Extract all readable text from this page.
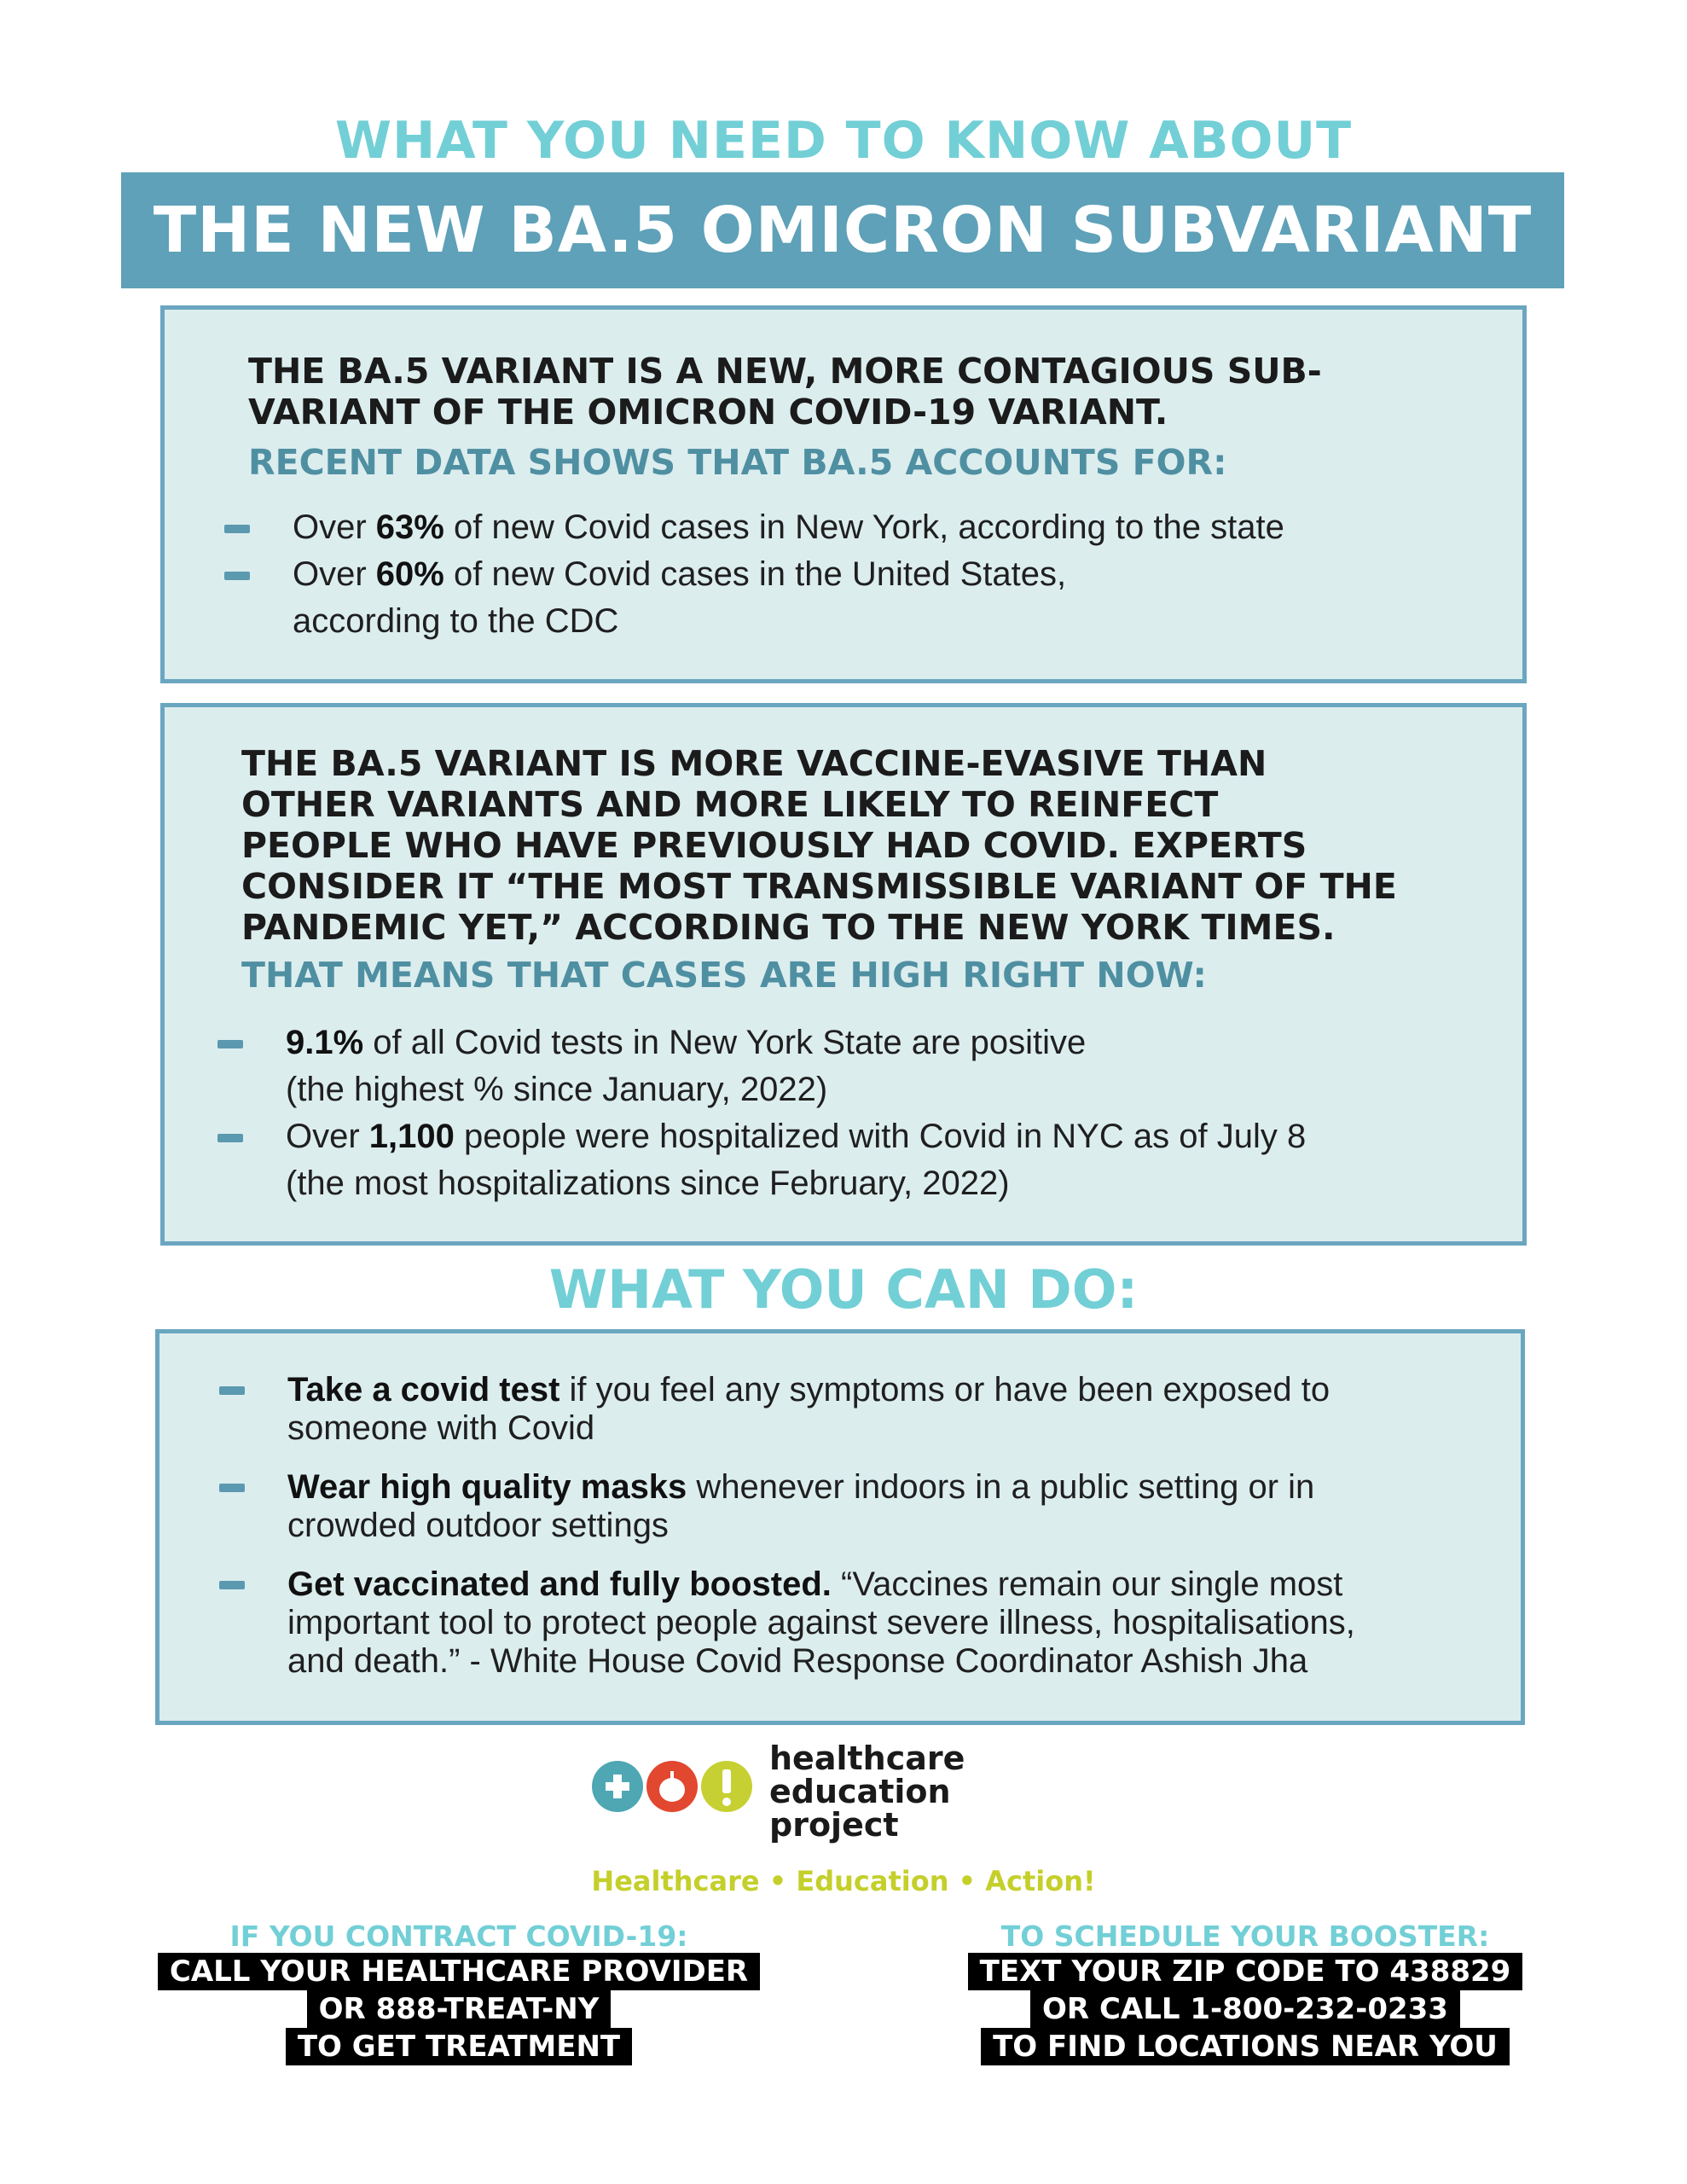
WHAT YOU NEED TO KNOW ABOUT
THE NEW BA.5 OMICRON SUBVARIANT
THE BA.5 VARIANT IS A NEW, MORE CONTAGIOUS SUB-
VARIANT OF THE OMICRON COVID-19 VARIANT.
RECENT DATA SHOWS THAT BA.5 ACCOUNTS FOR:
Over 63% of new Covid cases in New York, according to the state
Over 60% of new Covid cases in the United States,
according to the CDC
THE BA.5 VARIANT IS MORE VACCINE-EVASIVE THAN
OTHER VARIANTS AND MORE LIKELY TO REINFECT
PEOPLE WHO HAVE PREVIOUSLY HAD COVID. EXPERTS
CONSIDER IT “THE MOST TRANSMISSIBLE VARIANT OF THE
PANDEMIC YET,” ACCORDING TO THE NEW YORK TIMES.
THAT MEANS THAT CASES ARE HIGH RIGHT NOW:
9.1% of all Covid tests in New York State are positive
(the highest % since January, 2022)
Over 1,100 people were hospitalized with Covid in NYC as of July 8
(the most hospitalizations since February, 2022)
WHAT YOU CAN DO:
Take a covid test if you feel any symptoms or have been exposed to
someone with Covid
Wear high quality masks whenever indoors in a public setting or in
crowded outdoor settings
Get vaccinated and fully boosted. “Vaccines remain our single most
important tool to protect people against severe illness, hospitalisations,
and death.” - White House Covid Response Coordinator Ashish Jha
healthcare
education
project
Healthcare • Education • Action!
IF YOU CONTRACT COVID-19:
CALL YOUR HEALTHCARE PROVIDER
OR 888-TREAT-NY
TO GET TREATMENT
TO SCHEDULE YOUR BOOSTER:
TEXT YOUR ZIP CODE TO 438829
OR CALL 1-800-232-0233
TO FIND LOCATIONS NEAR YOU
